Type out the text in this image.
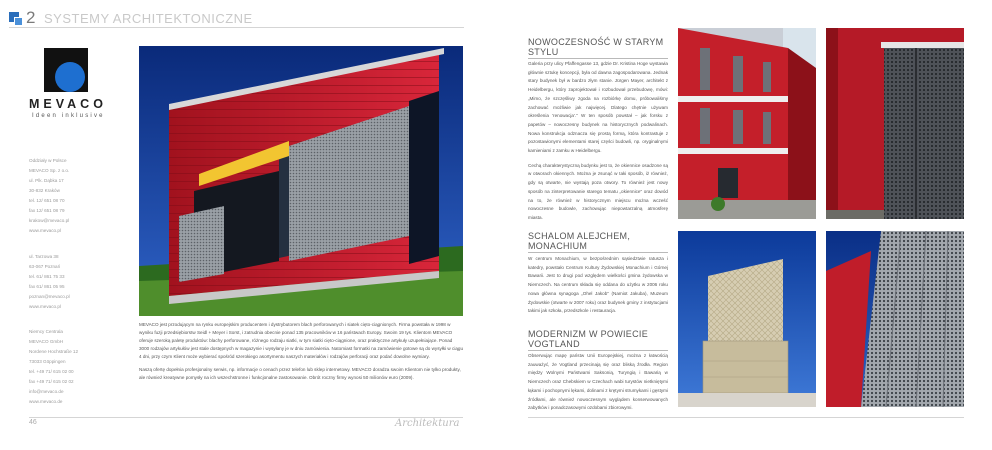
2 SYSTEMY ARCHITEKTONICZNE
MEVACO
Ideen inklusive
Oddziały w Polsce
MEVACO Sp. z o.o.
ul. Plk. Dąbka 17
30-832 Kraków
tel. 12/ 651 08 70
fax 12/ 651 08 79
krakow@mevaco.pl
www.mevaco.pl
ul. Tarzowa 38
63-067 Poznań
tel. 61/ 861 75 33
fax 61/ 861 05 95
poznan@mevaco.pl
www.mevaco.pl
Niemcy Centrala
MEVACO GmbH
Nordene Hochstraße 12
73033 Göppingen
tel. +49 71/ 615 02 00
fax +49 71/ 615 02 02
info@mevaco.de
www.mevaco.de

MEVACO jest przodującym na rynku europejskim producentem i dystrybutorem blach perforowanych i siatek cięto-ciągnionych. Firma powstała w 1998 w wyniku fuzji przedsiębiorstw Seidl + Meyer i Sorst, i zatrudnia obecnie ponad 135 pracowników w 16 państwach Europy. Swoim 19 tys. Klientom MEVACO oferuje szeroką paletę produktów: blachy perforowane, różnego rodzaju siatki, w tym siatki cięto-ciągnione, oraz praktyczne artykuły uzupełniające. Ponad 3000 rodzajów artykułów jest stale dostępnych w magazynie i wysyłany je w dniu zamówienia. Natomiast formatki na zamówienie gotowe są do wysyłki w ciągu 4 dni, przy czym Klient może wybierać spośród szerokiego asortymentu naszych materiałów i rodzajów perforacji oraz podać dowolne wymiary.

Naszą ofertę dopełnia profesjonalny serwis, np. informacje o cenach przez telefon lub sklep internetowy. MEVACO doradza swoim Klientom nie tylko produkty, ale również kreatywne pomysły na ich wszechstronne i funkcjonalne zastosowanie. Obrót roczny firmy wynosi 50 milionów euro (2009).

46	Architektura
NOWOCZESNOŚĆ W STARYM STYLU

Galeria przy ulicy Pfaffengasse 13, gdzie Dr. Kristina Hoge wystawia głównie sztukę koncepcji, była od dawna zagospodarowana. Jednak stary budynek był w bardzo złym stanie. Jürgen Mayer, architekt z Heidelbergu, który zaprojektował i rozbudował przebudowę, mówi: „Mimo, że szczęśliwy zgoda na rozbiórkę domu, próbowaliśmy zachować możliwie jak najwięcej. Dlatego chętnie używam określenia 'renowacja'." W ten sposób powstał – jak forsku z papetów – nowoczesny budynek na historycznych podwalinach. Nowa konstrukcja odznacza się prostą formą, która kontrastuje z pozostawionymi elementami starej części budowli, np. oryginalnymi kamieniami z zamku w Heidelbergu.

Cechą charakterystyczną budynku jest to, że okiennice osadzone są w otworach okiennych. Można je zsunąć w taki sposób, iż również, gdy są otwarte, nie wystają poza otwory. To również jest nowy sposób na zinterpretowanie starego tematu „okiennice" oraz dowód na to, że również w historycznym miejscu można wcześć nowoczesne budowle, zachowując niepowtarzalną atmosferę miasta.

SCHALOM ALEJCHEM, MONACHIUM

W centrum Monachium, w bezpośrednim sąsiedztwie ratusza i katedry, powstało Centrum Kultury Żydowskiej Monachium i Górnej Bawarii. Jest to drugi pod względem wielkości gmina żydowska w Niemczech. Na centrum składa się oddana do użytku w 2006 roku nowa główna synagoga „Ohel Jakob" (Namiot Jakuba), Muzeum Żydowskie (otwarte w 2007 roku) oraz budynek gminy z instytucjami takimi jak szkoła, przedszkole i restauracja.

MODERNIZM W POWIECIE VOGTLAND

Obserwując mapę państw Unii Europejskiej, można z łatwością zauważyć, że Vogtland przecinają się oraz bliską źrodła. Region między Wolnymi Państwami Saksonią, Turyngią i Bawarią w Niemczech oraz Chebskiem w Czechach wabi turystów nietkniętymi łąkami i pochopnymi lękami, dolinami z krętymi strumykami i gęstymi źródłami, ale również nowoczesnym wyglądem konserwowanych zabytków i ponadczasowymi ozdobami zbiorowymi.
